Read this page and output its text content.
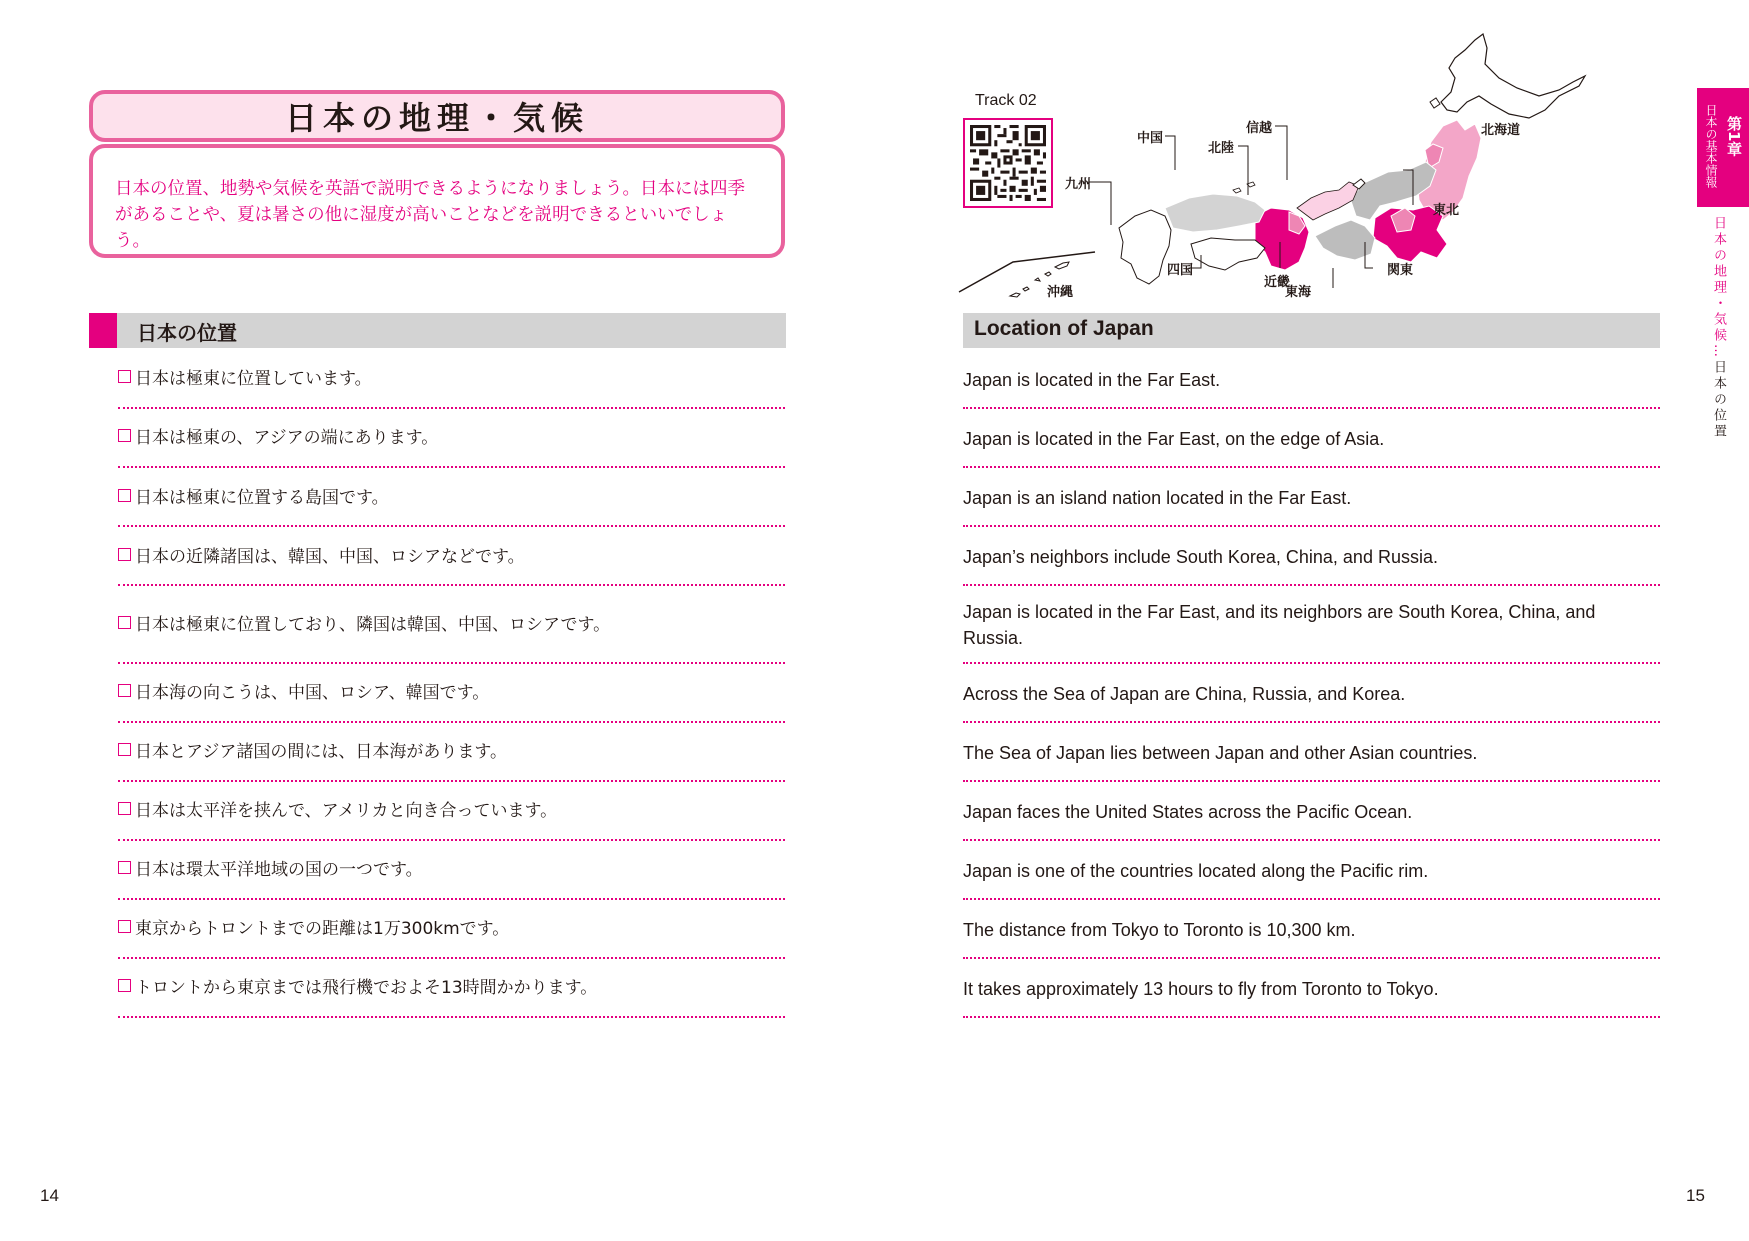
日本の地理・気候
日本の位置、地勢や気候を英語で説明できるようになりましょう。日本には四季があることや、夏は暑さの他に湿度が高いことなどを説明できるといいでしょう。
日本の位置
日本は極東に位置しています。
日本は極東の、アジアの端にあります。
日本は極東に位置する島国です。
日本の近隣諸国は、韓国、中国、ロシアなどです。
日本は極東に位置しており、隣国は韓国、中国、ロシアです。
日本海の向こうは、中国、ロシア、韓国です。
日本とアジア諸国の間には、日本海があります。
日本は太平洋を挟んで、アメリカと向き合っています。
日本は環太平洋地域の国の一つです。
東京からトロントまでの距離は1万300kmです。
トロントから東京までは飛行機でおよそ13時間かかります。
14
Track 02
九州
中国
北陸
信越
関東
北海道
東北
東海
近畿
四国
沖縄
Location of Japan
Japan is located in the Far East.
Japan is located in the Far East, on the edge of Asia.
Japan is an island nation located in the Far East.
Japan’s neighbors include South Korea, China, and Russia.
Japan is located in the Far East, and its neighbors are South Korea, China, and Russia.
Across the Sea of Japan are China, Russia, and Korea.
The Sea of Japan lies between Japan and other Asian countries.
Japan faces the United States across the Pacific Ocean.
Japan is one of the countries located along the Pacific rim.
The distance from Tokyo to Toronto is 10,300 km.
It takes approximately 13 hours to fly from Toronto to Tokyo.
15
第1章
日本の基本情報
日本の地理・気候…日本の位置
